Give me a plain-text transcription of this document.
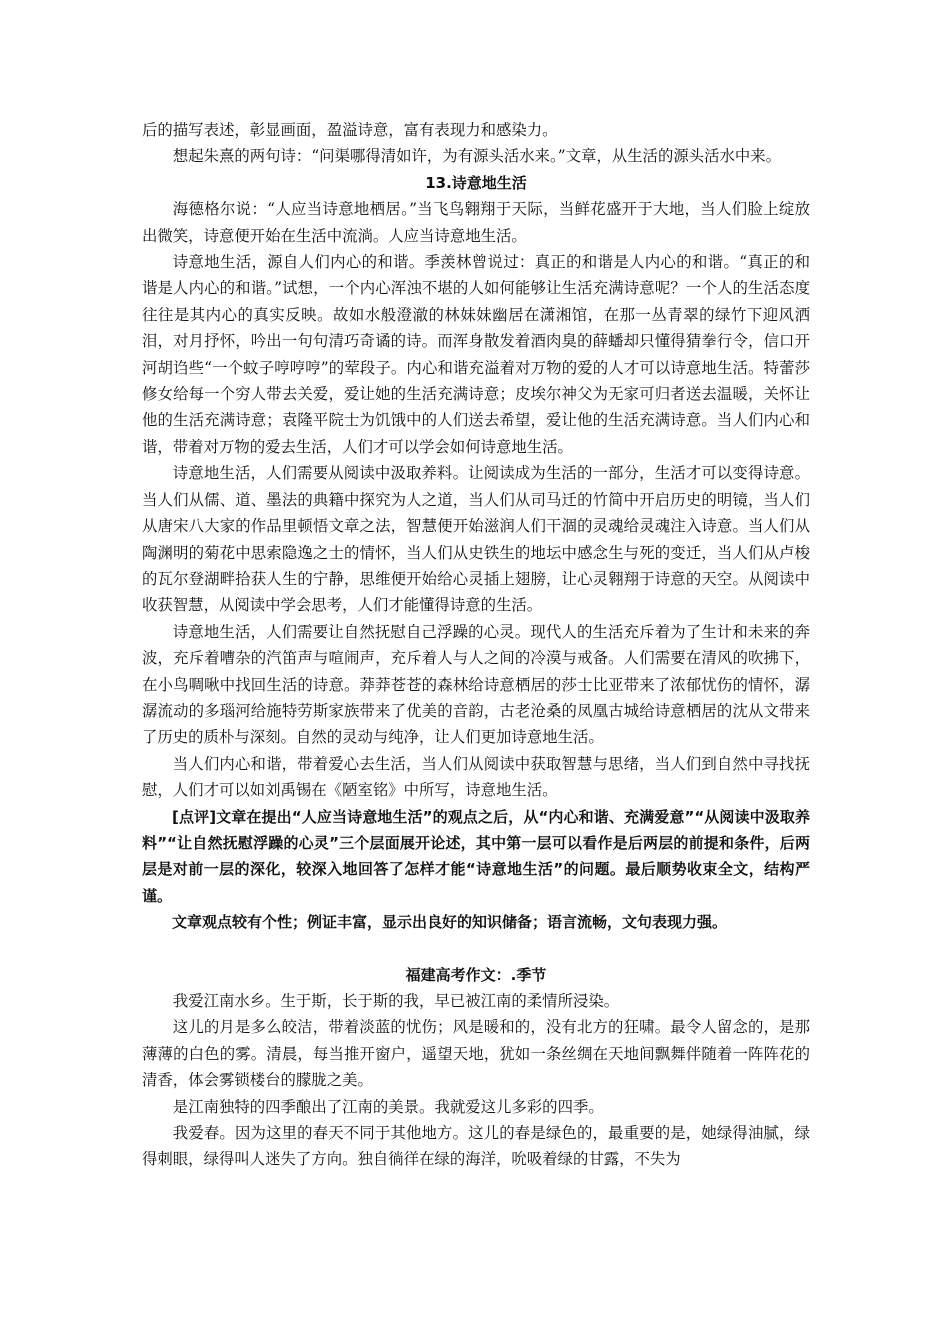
后的描写表述，彰显画面，盈溢诗意，富有表现力和感染力。

想起朱熹的两句诗：“问渠哪得清如许，为有源头活水来。”文章，从生活的源头活水中来。

13.诗意地生活

海德格尔说：“人应当诗意地栖居。”当飞鸟翱翔于天际，当鲜花盛开于大地，当人们脸上绽放出微笑，诗意便开始在生活中流淌。人应当诗意地生活。

诗意地生活，源自人们内心的和谐。季羡林曾说过：真正的和谐是人内心的和谐。“真正的和谐是人内心的和谐。”试想，一个内心浑浊不堪的人如何能够让生活充满诗意呢？一个人的生活态度往往是其内心的真实反映。故如水般澄澈的林妹妹幽居在潇湘馆，在那一丛青翠的绿竹下迎风洒泪，对月抒怀，吟出一句句清巧奇谲的诗。而浑身散发着酒肉臭的薛蟠却只懂得猜拳行令，信口开河胡诌些“一个蚊子哼哼哼”的荤段子。内心和谐充溢着对万物的爱的人才可以诗意地生活。特蕾莎修女给每一个穷人带去关爱，爱让她的生活充满诗意；皮埃尔神父为无家可归者送去温暖，关怀让他的生活充满诗意；袁隆平院士为饥饿中的人们送去希望，爱让他的生活充满诗意。当人们内心和谐，带着对万物的爱去生活，人们才可以学会如何诗意地生活。

诗意地生活，人们需要从阅读中汲取养料。让阅读成为生活的一部分，生活才可以变得诗意。当人们从儒、道、墨法的典籍中探究为人之道，当人们从司马迁的竹简中开启历史的明镜，当人们从唐宋八大家的作品里顿悟文章之法，智慧便开始滋润人们干涸的灵魂给灵魂注入诗意。当人们从陶渊明的菊花中思索隐逸之士的情怀，当人们从史铁生的地坛中感念生与死的变迁，当人们从卢梭的瓦尔登湖畔拾获人生的宁静，思维便开始给心灵插上翅膀，让心灵翱翔于诗意的天空。从阅读中收获智慧，从阅读中学会思考，人们才能懂得诗意的生活。

诗意地生活，人们需要让自然抚慰自己浮躁的心灵。现代人的生活充斥着为了生计和未来的奔波，充斥着嘈杂的汽笛声与喧闹声，充斥着人与人之间的冷漠与戒备。人们需要在清风的吹拂下，在小鸟啁啾中找回生活的诗意。莽莽苍苍的森林给诗意栖居的莎士比亚带来了浓郁忧伤的情怀，潺潺流动的多瑙河给施特劳斯家族带来了优美的音韵，古老沧桑的凤凰古城给诗意栖居的沈从文带来了历史的质朴与深刻。自然的灵动与纯净，让人们更加诗意地生活。

当人们内心和谐，带着爱心去生活，当人们从阅读中获取智慧与思绪，当人们到自然中寻找抚慰，人们才可以如刘禹锡在《陋室铭》中所写，诗意地生活。

[点评]文章在提出“人应当诗意地生活”的观点之后，从“内心和谐、充满爱意”“从阅读中汲取养料”“让自然抚慰浮躁的心灵”三个层面展开论述，其中第一层可以看作是后两层的前提和条件，后两层是对前一层的深化，较深入地回答了怎样才能“诗意地生活”的问题。最后顺势收束全文，结构严谨。

文章观点较有个性；例证丰富，显示出良好的知识储备；语言流畅，文句表现力强。

福建高考作文：.季节

我爱江南水乡。生于斯，长于斯的我，早已被江南的柔情所浸染。

这儿的月是多么皎洁，带着淡蓝的忧伤；风是暖和的，没有北方的狂啸。最令人留念的，是那薄薄的白色的雾。清晨，每当推开窗户，遥望天地，犹如一条丝绸在天地间飘舞伴随着一阵阵花的清香，体会雾锁楼台的朦胧之美。

是江南独特的四季酿出了江南的美景。我就爱这儿多彩的四季。

我爱春。因为这里的春天不同于其他地方。这儿的春是绿色的，最重要的是，她绿得油腻，绿得刺眼，绿得叫人迷失了方向。独自徜徉在绿的海洋，吮吸着绿的甘露，不失为
